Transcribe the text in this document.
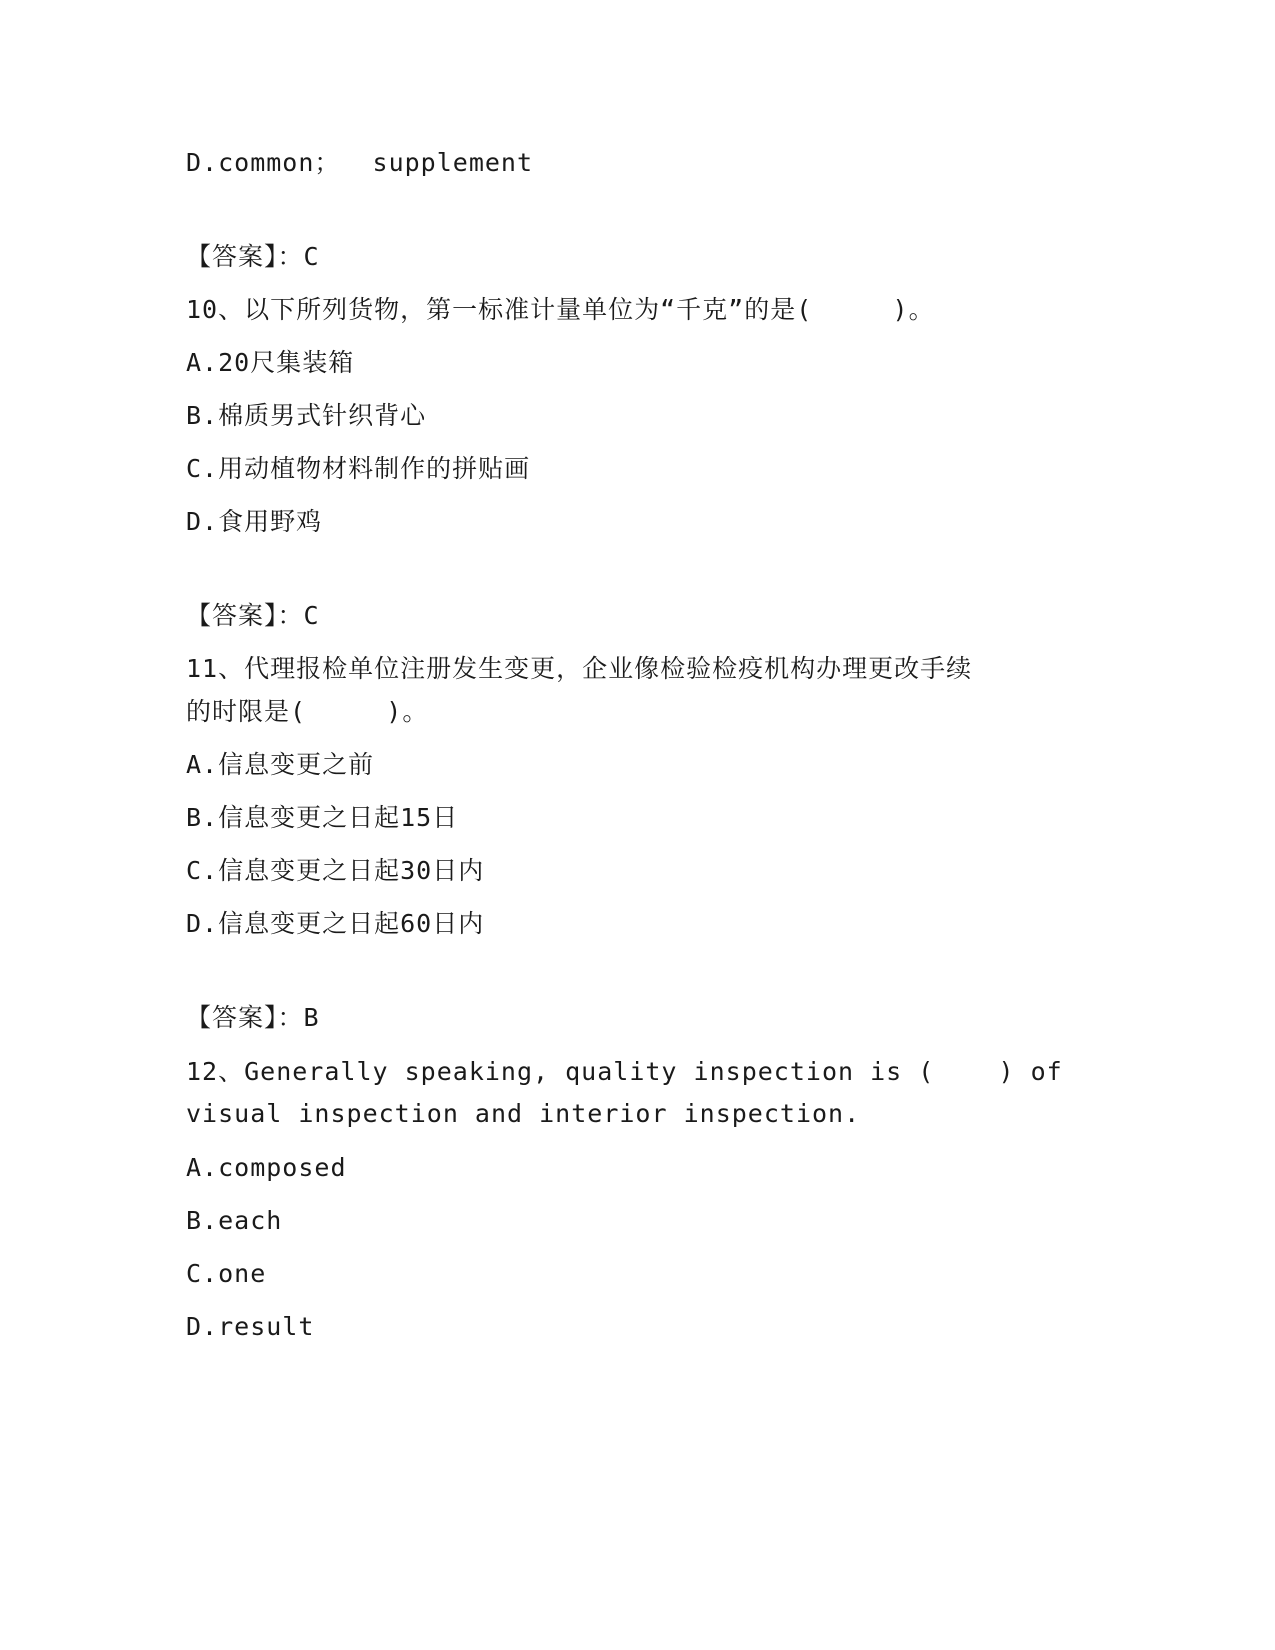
D.common；  supplement
【答案】：C
10、以下所列货物，第一标准计量单位为“千克”的是(     )。
A.20尺集装箱
B.棉质男式针织背心
C.用动植物材料制作的拼贴画
D.食用野鸡
【答案】：C
11、代理报检单位注册发生变更，企业像检验检疫机构办理更改手续
的时限是(     )。
A.信息变更之前
B.信息变更之日起15日
C.信息变更之日起30日内
D.信息变更之日起60日内
【答案】：B
12、Generally speaking, quality inspection is (    ) of
visual inspection and interior inspection.
A.composed
B.each
C.one
D.result
